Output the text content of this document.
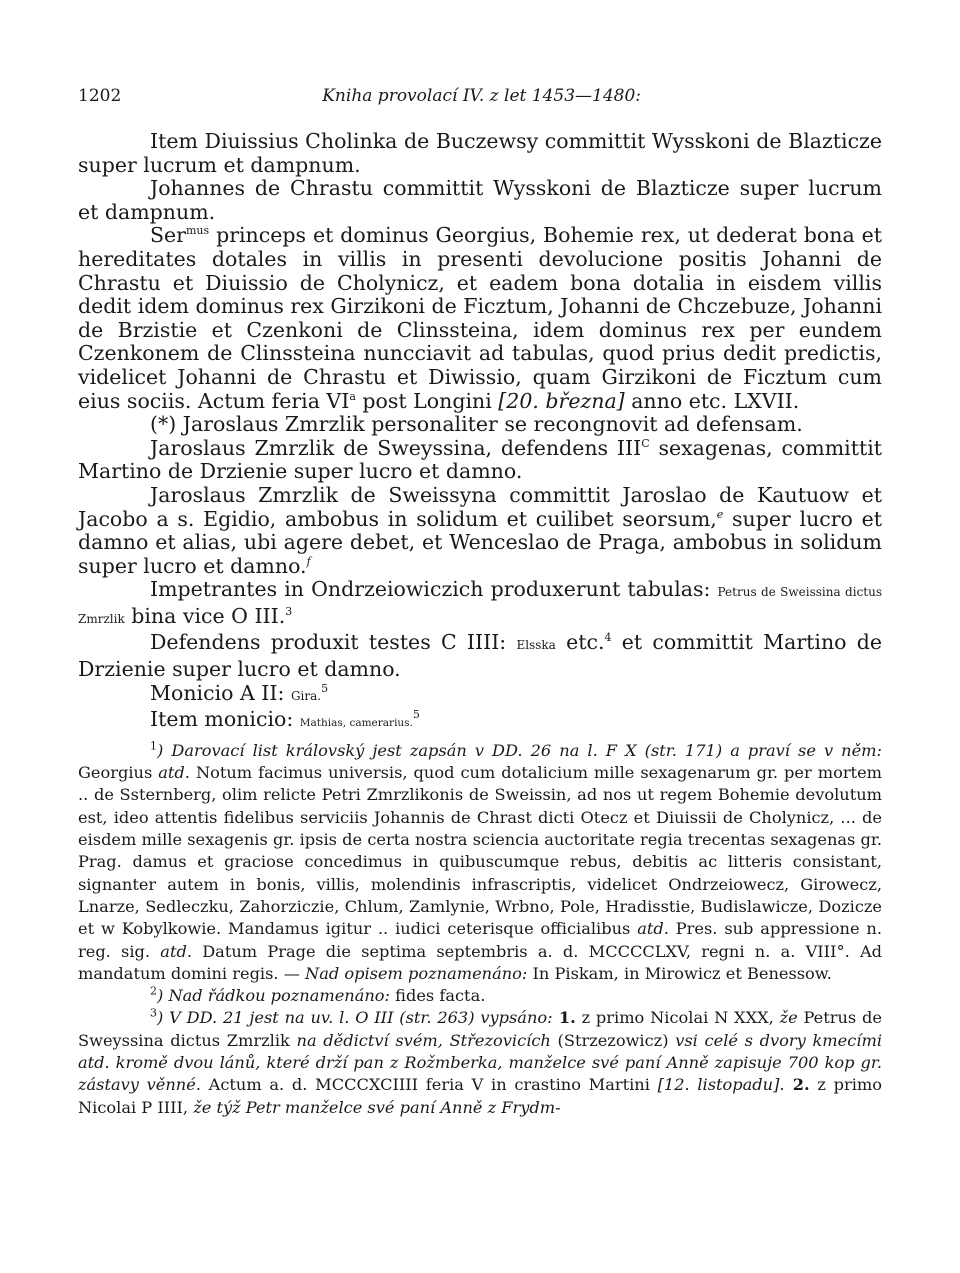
1202	Kniha provolací IV. z let 1453—1480:

Item Diuissius Cholinka de Buczewsy committit Wysskoni de Blazticze super lucrum et dampnum.

Johannes de Chrastu committit Wysskoni de Blazticze super lucrum et dampnum.

Ser$^{mus}$ princeps et dominus Georgius, Bohemie rex, ut dederat bona et hereditates dotales in villis in presenti devolucione positis Johanni de Chrastu et Diuissio de Cholynicz, et eadem bona dotalia in eisdem villis dedit idem dominus rex Girzikoni de Ficztum, Johanni de Chczebuze, Johanni de Brzistie et Czenkoni de Clinssteina, idem dominus rex per eundem Czenkonem de Clinssteina nuncciavit ad tabulas, quod prius dedit predictis, videlicet Johanni de Chrastu et Diwissio, quam Girzikoni de Ficztum cum eius sociis. Actum feria $VI^a$ post Longini [20. března] anno etc. LXVII.

(*) Jaroslaus Zmrzlik personaliter se recongnovit ad defensam.

Jaroslaus Zmrzlik de Sweyssina, defendens $III^C$ sexagenas, committit Martino de Drzienie super lucro et damno.

Jaroslaus Zmrzlik de Sweissyna committit Jaroslao de Kautuow et Jacobo a s. Egidio, ambobus in solidum et cuilibet seorsum,$^e$ super lucro et damno et alias, ubi agere debet, et Wenceslao de Praga, ambobus in solidum super lucro et damno.$^f$

Impetrantes in Ondrzeiowiczich produxerunt tabulas: Petrus de Sweissina dictus Zmrzlik bina vice O III.$^3$

Defendens produxit testes C IIII: Elsska etc.$^4$ et committit Martino de Drzienie super lucro et damno.

Monicio A II: Gira.$^5$

Item monicio: Mathias, camerarius.$^5$

$^1$) Darovací list královský jest zapsán v DD. 26 na l. F X (str. 171) a praví se v něm: Georgius atd. Notum facimus universis, quod cum dotalicium mille sexagenarum gr. per mortem .. de Ssternberg, olim relicte Petri Zmrzlikonis de Sweissin, ad nos ut regem Bohemie devolutum est, ideo attentis fidelibus serviciis Johannis de Chrast dicti Otecz et Diuissii de Cholynicz, ... de eisdem mille sexagenis gr. ipsis de certa nostra sciencia auctoritate regia trecentas sexagenas gr. Prag. damus et graciose concedimus in quibuscumque rebus, debitis ac litteris consistant, signanter autem in bonis, villis, molendinis infrascriptis, videlicet Ondrzeiowecz, Girowecz, Lnarze, Sedleczku, Zahorziczie, Chlum, Zamlynie, Wrbno, Pole, Hradisstie, Budislawicze, Dozicze et w Kobylkowie. Mandamus igitur .. iudici ceterisque officialibus atd. Pres. sub appressione n. reg. sig. atd. Datum Prage die septima septembris a. d. MCCCCLXV, regni n. a. VIII°. Ad mandatum domini regis. — Nad opisem poznamenáno: In Piskam, in Mirowicz et Benessow.

$^2$) Nad řádkou poznamenáno: fides facta.

$^3$) V DD. 21 jest na uv. l. O III (str. 263) vypsáno: 1. z primo Nicolai N XXX, že Petrus de Sweyssina dictus Zmrzlik na dědictví svém, Střezovicích (Strzezowicz) vsi celé s dvory kmecími atd. kromě dvou lánů, které drží pan z Rožmberka, manželce své paní Anně zapisuje 700 kop gr. zástavy věnné. Actum a. d. MCCCXCIIII feria V in crastino Martini [12. listopadu]. 2. z primo Nicolai P IIII, že týž Petr manželce své paní Anně z Frydm-
